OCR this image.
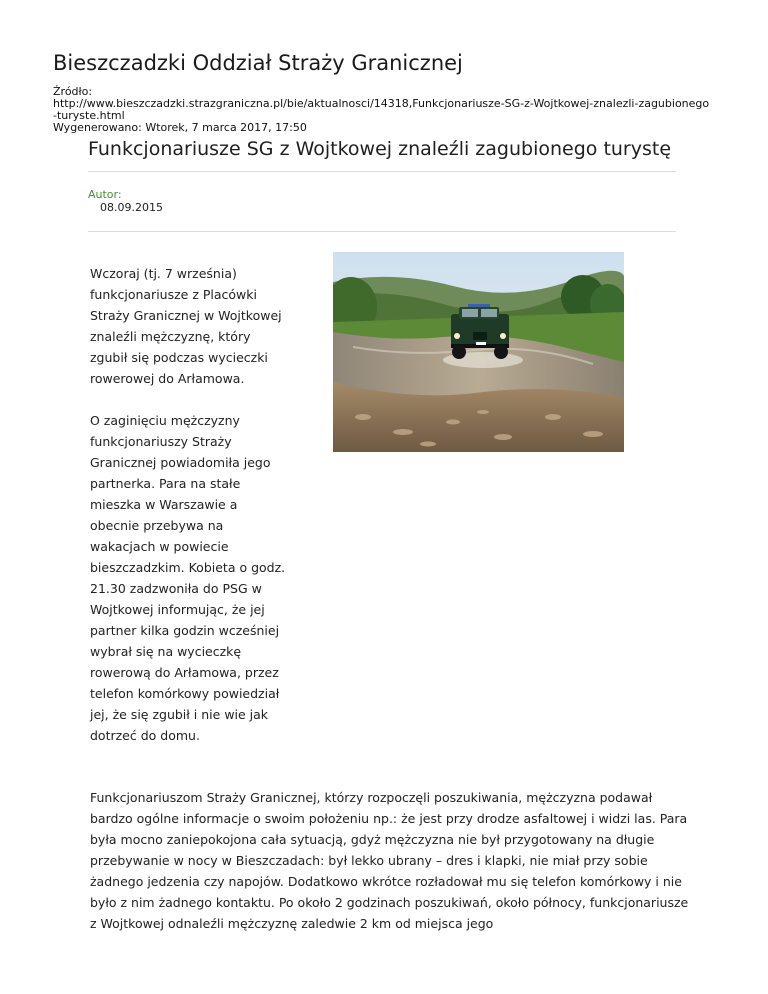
Bieszczadzki Oddział Straży Granicznej
Źródło:
http://www.bieszczadzki.strazgraniczna.pl/bie/aktualnosci/14318,Funkcjonariusze-SG-z-Wojtkowej-znalezli-zagubionego-turyste.html
Wygenerowano: Wtorek, 7 marca 2017, 17:50
Funkcjonariusze SG z Wojtkowej znaleźli zagubionego turystę
Autor:
08.09.2015

Wczoraj (tj. 7 września) funkcjonariusze z Placówki Straży Granicznej w Wojtkowej znaleźli mężczyznę, który zgubił się podczas wycieczki rowerowej do Arłamowa.

O zaginięciu mężczyzny funkcjonariuszy Straży Granicznej powiadomiła jego partnerka. Para na stałe mieszka w Warszawie a obecnie przebywa na wakacjach w powiecie bieszczadzkim. Kobieta o godz. 21.30 zadzwoniła do PSG w Wojtkowej informując, że jej partner kilka godzin wcześniej wybrał się na wycieczkę rowerową do Arłamowa, przez telefon komórkowy powiedział jej, że się zgubił i nie wie jak dotrzeć do domu.

Funkcjonariuszom Straży Granicznej, którzy rozpoczęli poszukiwania, mężczyzna podawał bardzo ogólne informacje o swoim położeniu np.: że jest przy drodze asfaltowej i widzi las. Para była mocno zaniepokojona cała sytuacją, gdyż mężczyzna nie był przygotowany na długie przebywanie w nocy w Bieszczadach: był lekko ubrany – dres i klapki, nie miał przy sobie żadnego jedzenia czy napojów. Dodatkowo wkrótce rozładował mu się telefon komórkowy i nie było z nim żadnego kontaktu. Po około 2 godzinach poszukiwań, około północy, funkcjonariusze z Wojtkowej odnaleźli mężczyznę zaledwie 2 km od miejsca jego
